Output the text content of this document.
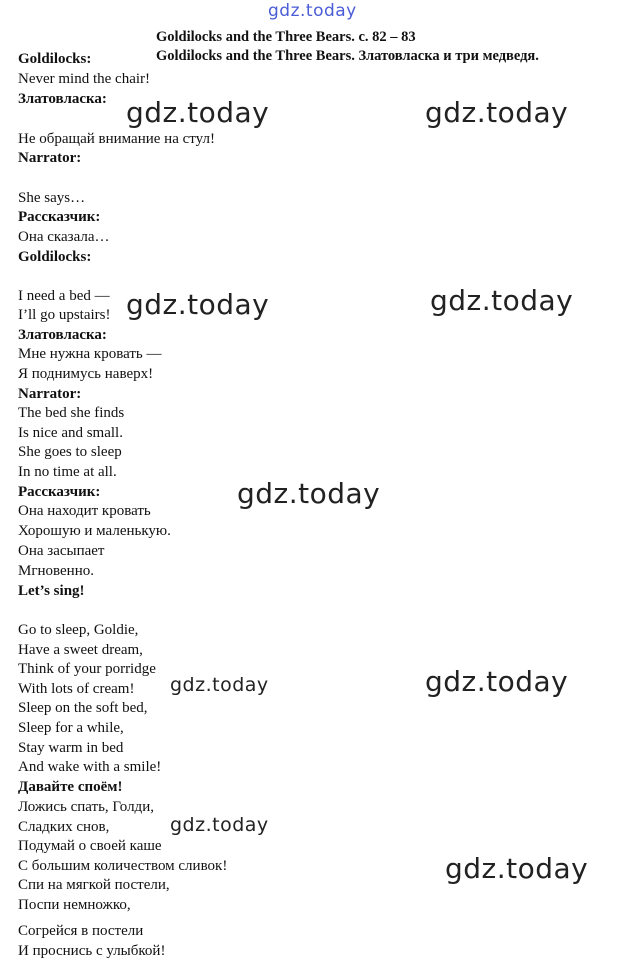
gdz.today
Goldilocks and the Three Bears. с. 82 – 83
Goldilocks and the Three Bears. Златовласка и три медведя.
Goldilocks:
Never mind the chair!
Златовласка:
Не обращай внимание на стул!
Narrator:
She says…
Рассказчик:
Она сказала…
Goldilocks:
I need a bed —
I’ll go upstairs!
Златовласка:
Мне нужна кровать —
Я поднимусь наверх!
Narrator:
The bed she finds
Is nice and small.
She goes to sleep
In no time at all.
Рассказчик:
Она находит кровать
Хорошую и маленькую.
Она засыпает
Мгновенно.
Let’s sing!
Go to sleep, Goldie,
Have a sweet dream,
Think of your porridge
With lots of cream!
Sleep on the soft bed,
Sleep for a while,
Stay warm in bed
And wake with a smile!
Давайте споём!
Ложись спать, Голди,
Сладких снов,
Подумай о своей каше
С большим количеством сливок!
Спи на мягкой постели,
Поспи немножко,
Согрейся в постели
И проснись с улыбкой!
gdz.today	gdz.today
gdz.today	gdz.today
gdz.today
gdz.today	gdz.today
gdz.today
gdz.today
